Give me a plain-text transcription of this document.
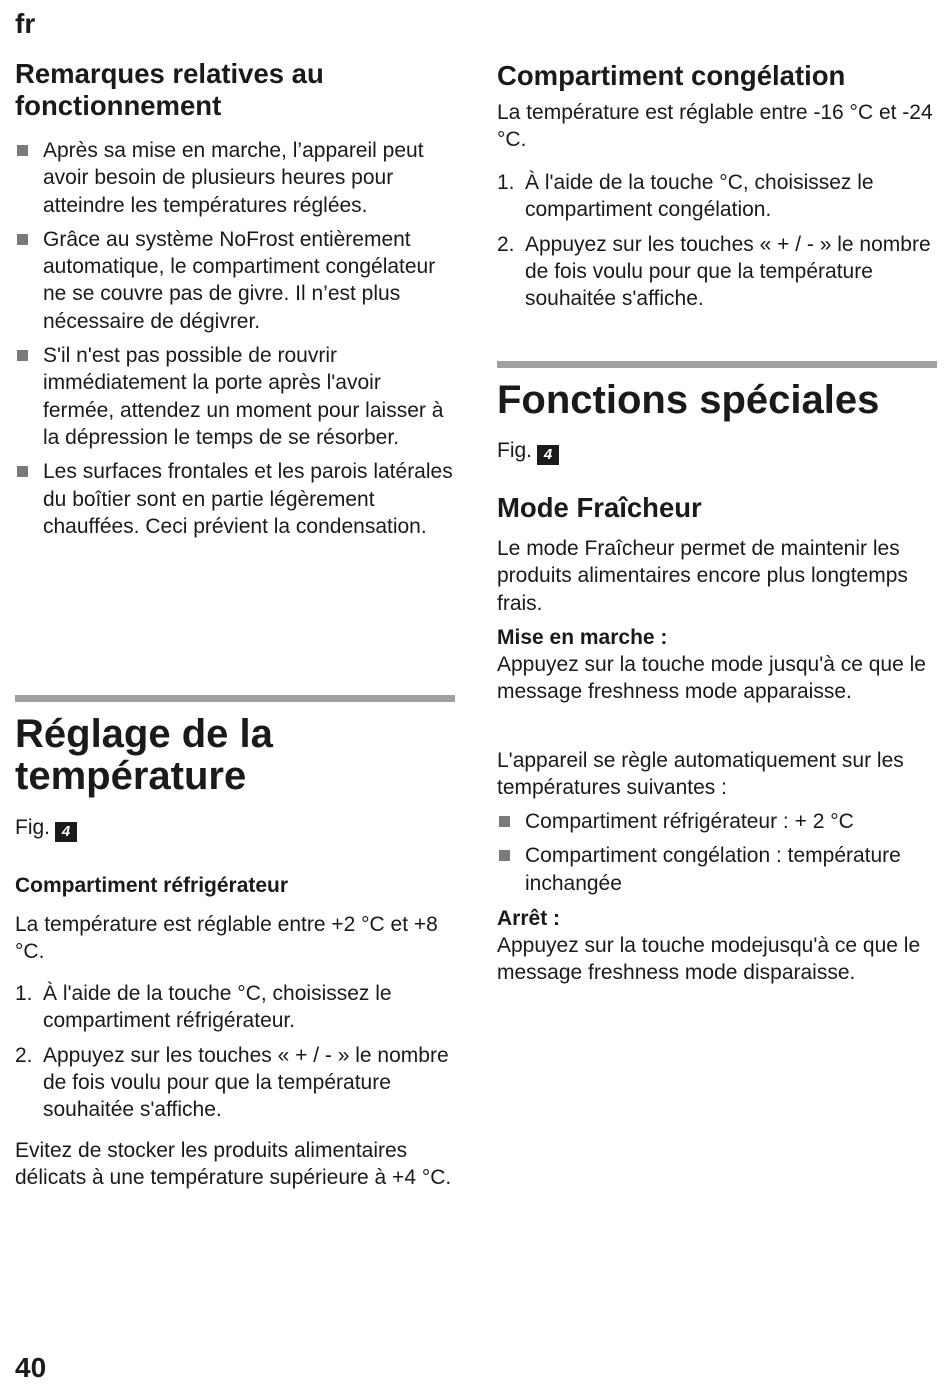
fr
Remarques relatives au fonctionnement
Après sa mise en marche, l’appareil peut avoir besoin de plusieurs heures pour atteindre les températures réglées.
Grâce au système NoFrost entièrement automatique, le compartiment congélateur ne se couvre pas de givre. Il n’est plus nécessaire de dégivrer.
S'il n'est pas possible de rouvrir immédiatement la porte après l'avoir fermée, attendez un moment pour laisser à la dépression le temps de se résorber.
Les surfaces frontales et les parois latérales du boîtier sont en partie légèrement chauffées. Ceci prévient la condensation.
Réglage de la température
Fig. 4
Compartiment réfrigérateur

La température est réglable entre +2 °C et +8 °C.

1. À l'aide de la touche °C, choisissez le compartiment réfrigérateur.
2. Appuyez sur les touches « + / - » le nombre de fois voulu pour que la température souhaitée s'affiche.

Evitez de stocker les produits alimentaires délicats à une température supérieure à +4 °C.

Compartiment congélation

La température est réglable entre -16 °C et -24 °C.

1. À l'aide de la touche °C, choisissez le compartiment congélation.
2. Appuyez sur les touches « + / - » le nombre de fois voulu pour que la température souhaitée s'affiche.
Fonctions spéciales
Fig. 4
Mode Fraîcheur

Le mode Fraîcheur permet de maintenir les produits alimentaires encore plus longtemps frais.

Mise en marche :

Appuyez sur la touche mode jusqu'à ce que le message freshness mode apparaisse.

L'appareil se règle automatiquement sur les températures suivantes :

Compartiment réfrigérateur : + 2 °C
Compartiment congélation : température inchangée
Arrêt :

Appuyez sur la touche modejusqu'à ce que le message freshness mode disparaisse.

40
